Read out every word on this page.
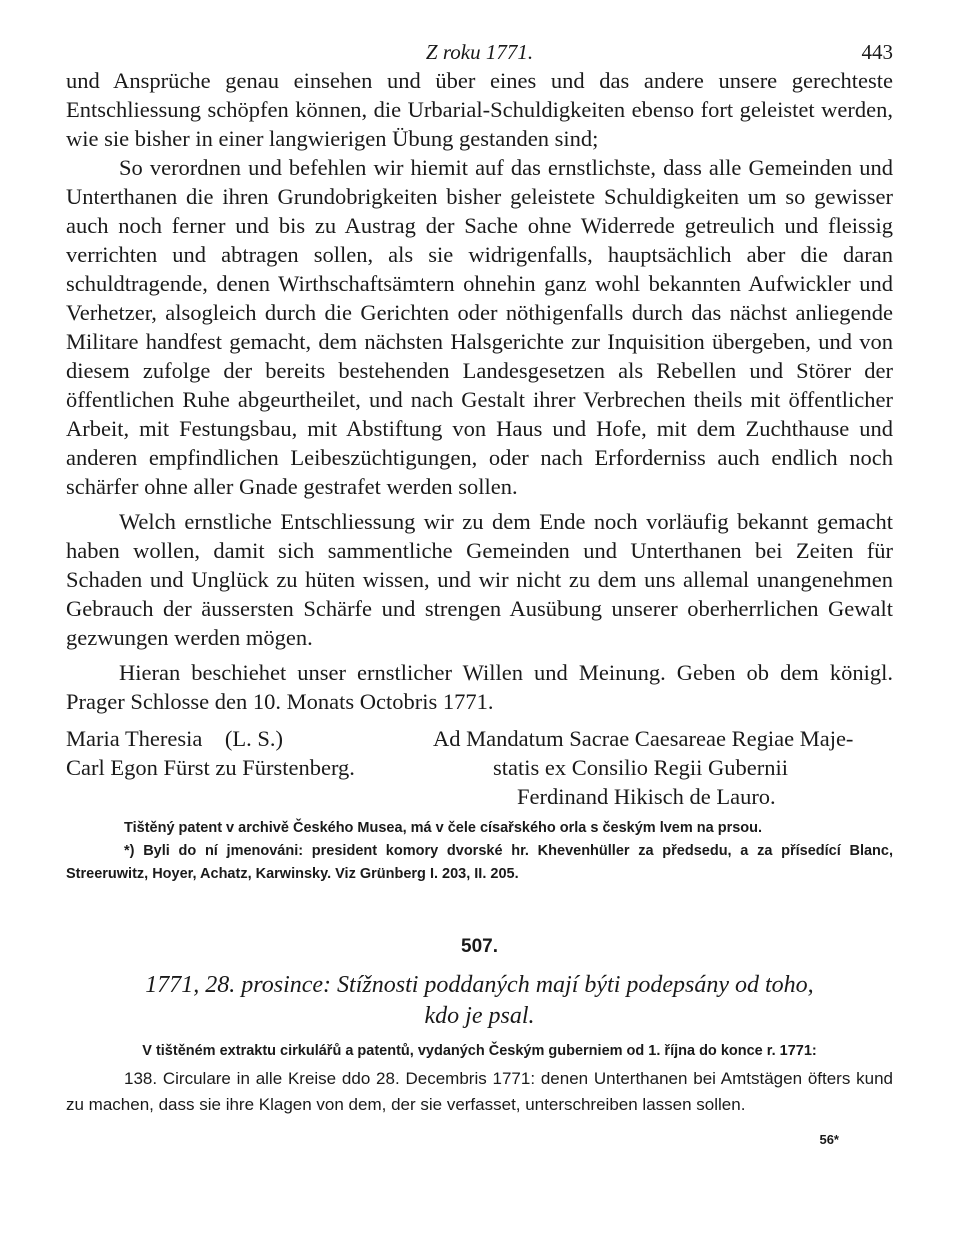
Z roku 1771.	443

und Ansprüche genau einsehen und über eines und das andere unsere gerechteste Entschliessung schöpfen können, die Urbarial-Schuldigkeiten ebenso fort geleistet werden, wie sie bisher in einer langwierigen Übung gestanden sind;

So verordnen und befehlen wir hiemit auf das ernstlichste, dass alle Gemeinden und Unterthanen die ihren Grundobrigkeiten bisher geleistete Schuldigkeiten um so gewisser auch noch ferner und bis zu Austrag der Sache ohne Widerrede getreulich und fleissig verrichten und abtragen sollen, als sie widrigenfalls, hauptsächlich aber die daran schuldtragende, denen Wirthschaftsämtern ohnehin ganz wohl bekannten Aufwickler und Verhetzer, alsogleich durch die Gerichten oder nöthigenfalls durch das nächst anliegende Militare handfest gemacht, dem nächsten Halsgerichte zur Inquisition übergeben, und von diesem zufolge der bereits bestehenden Landesgesetzen als Rebellen und Störer der öffentlichen Ruhe abgeurtheilet, und nach Gestalt ihrer Verbrechen theils mit öffentlicher Arbeit, mit Festungsbau, mit Abstiftung von Haus und Hofe, mit dem Zuchthause und anderen empfindlichen Leibeszüchtigungen, oder nach Erforderniss auch endlich noch schärfer ohne aller Gnade gestrafet werden sollen.

Welch ernstliche Entschliessung wir zu dem Ende noch vorläufig bekannt gemacht haben wollen, damit sich sammentliche Gemeinden und Unterthanen bei Zeiten für Schaden und Unglück zu hüten wissen, und wir nicht zu dem uns allemal unangenehmen Gebrauch der äussersten Schärfe und strengen Ausübung unserer oberherrlichen Gewalt gezwungen werden mögen.

Hieran beschiehet unser ernstlicher Willen und Meinung. Geben ob dem königl. Prager Schlosse den 10. Monats Octobris 1771.

Maria Theresia    (L. S.)
Carl Egon Fürst zu Fürstenberg.
Ad Mandatum Sacrae Caesareae Regiae Maje-
statis ex Consilio Regii Gubernii
Ferdinand Hikisch de Lauro.

Tištěný patent v archivě Českého Musea, má v čele císařského orla s českým lvem na prsou.

*) Byli do ní jmenováni: president komory dvorské hr. Khevenhüller za předsedu, a za přísedící Blanc, Streeruwitz, Hoyer, Achatz, Karwinsky. Viz Grünberg I. 203, II. 205.

507.
1771, 28. prosince: Stížnosti poddaných mají býti podepsány od toho,
kdo je psal.
V tištěném extraktu cirkulářů a patentů, vydaných Českým guberniem od 1. října do konce r. 1771:

138. Circulare in alle Kreise ddo 28. Decembris 1771: denen Unterthanen bei Amtstägen öfters kund zu machen, dass sie ihre Klagen von dem, der sie verfasset, unterschreiben lassen sollen.

56*
